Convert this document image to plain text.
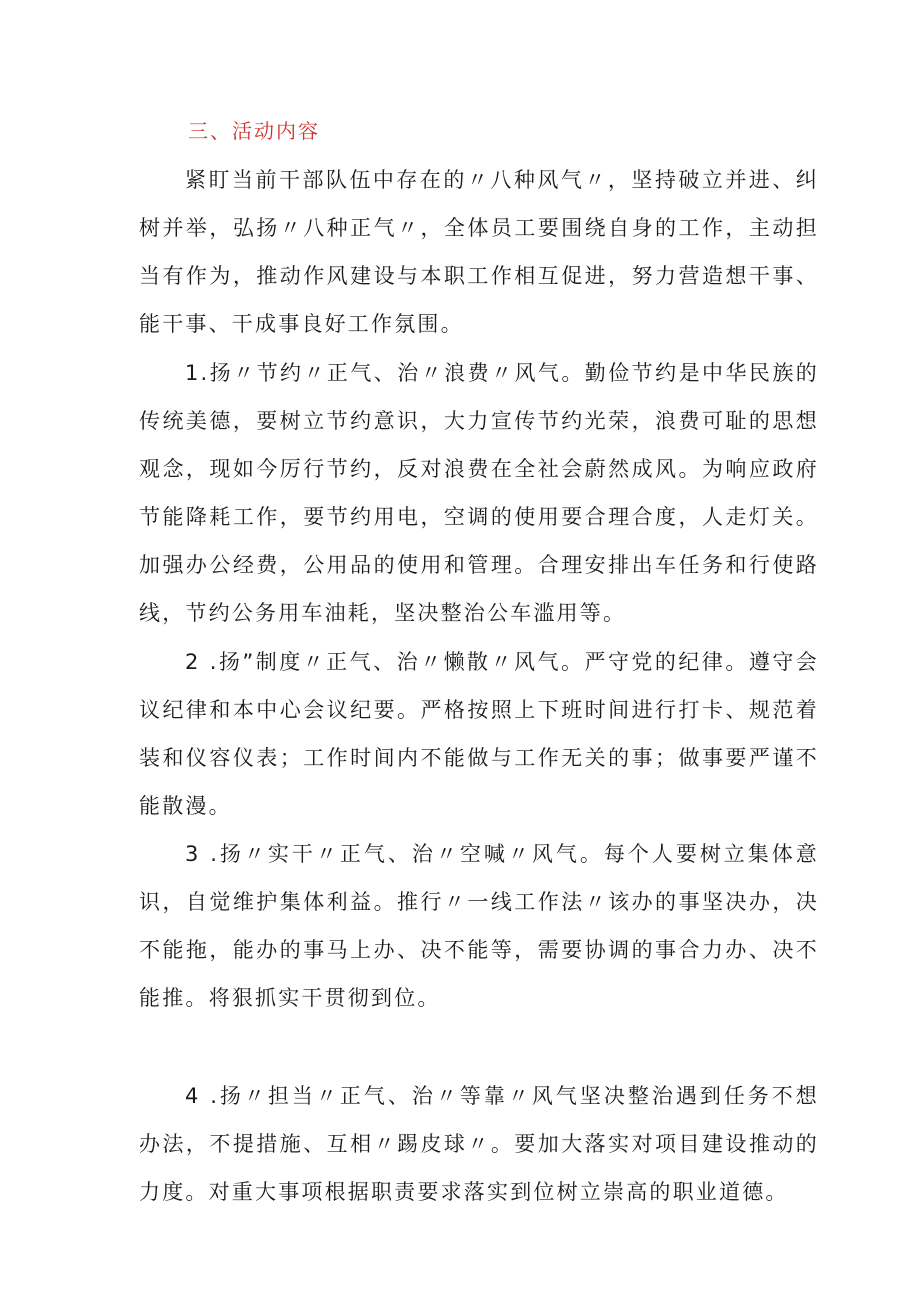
三、活动内容

紧盯当前干部队伍中存在的〃八种风气〃，坚持破立并进、纠树并举，弘扬〃八种正气〃，全体员工要围绕自身的工作，主动担当有作为，推动作风建设与本职工作相互促进，努力营造想干事、能干事、干成事良好工作氛围。

1.扬〃节约〃正气、治〃浪费〃风气。勤俭节约是中华民族的传统美德，要树立节约意识，大力宣传节约光荣，浪费可耻的思想观念，现如今厉行节约，反对浪费在全社会蔚然成风。为响应政府节能降耗工作，要节约用电，空调的使用要合理合度，人走灯关。加强办公经费，公用品的使用和管理。合理安排出车任务和行使路线，节约公务用车油耗，坚决整治公车滥用等。

2 .扬”制度〃正气、治〃懒散〃风气。严守党的纪律。遵守会议纪律和本中心会议纪要。严格按照上下班时间进行打卡、规范着装和仪容仪表；工作时间内不能做与工作无关的事；做事要严谨不能散漫。

3 .扬〃实干〃正气、治〃空喊〃风气。每个人要树立集体意识，自觉维护集体利益。推行〃一线工作法〃该办的事坚决办，决不能拖，能办的事马上办、决不能等，需要协调的事合力办、决不能推。将狠抓实干贯彻到位。

4 .扬〃担当〃正气、治〃等靠〃风气坚决整治遇到任务不想办法，不提措施、互相〃踢皮球〃。要加大落实对项目建设推动的力度。对重大事项根据职责要求落实到位树立崇高的职业道德。
